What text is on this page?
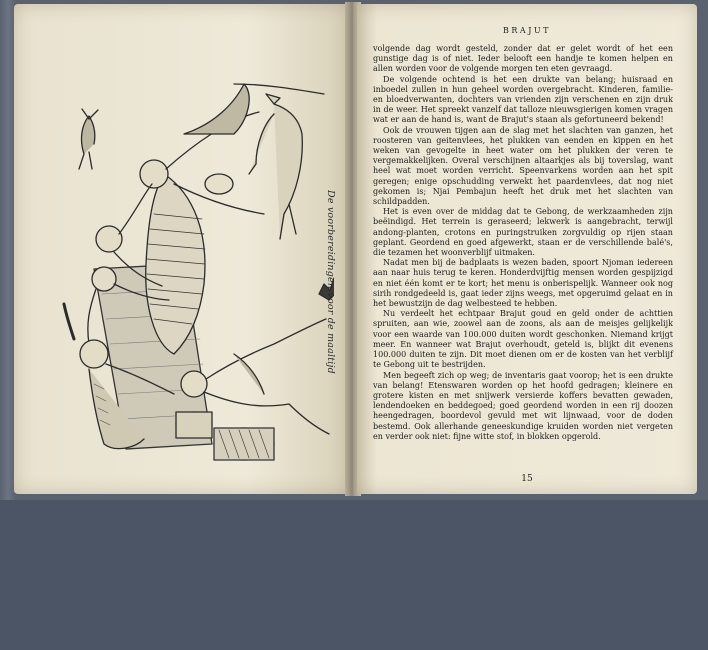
De voorbereidingen voor de maaltijd
BRAJUT

volgende dag wordt gesteld, zonder dat er gelet wordt of het een gunstige dag is of niet. Ieder belooft een handje te komen helpen en allen worden voor de volgende morgen ten eten gevraagd.

De volgende ochtend is het een drukte van belang; huisraad en inboedel zullen in hun geheel worden overgebracht. Kinderen, familie- en bloedverwanten, dochters van vrienden zijn verschenen en zijn druk in de weer. Het spreekt vanzelf dat talloze nieuwsgierigen komen vragen wat er aan de hand is, want de Brajut's staan als gefortuneerd bekend!

Ook de vrouwen tijgen aan de slag met het slachten van ganzen, het roosteren van geitenvlees, het plukken van eenden en kippen en het weken van gevogelte in heet water om het plukken der veren te vergemakkelijken. Overal verschijnen altaarkjes als bij toverslag, want heel wat moet worden verricht. Speenvarkens worden aan het spit geregen; enige opschudding verwekt het paardenvlees, dat nog niet gekomen is; Njai Pembajun heeft het druk met het slachten van schildpadden.

Het is even over de middag dat te Gebong, de werkzaamheden zijn beëindigd. Het terrein is geraseerd; lekwerk is aangebracht, terwijl andong-planten, crotons en puringstruiken zorgvuldig op rijen staan geplant. Geordend en goed afgewerkt, staan er de verschillende balé's, die tezamen het woonverblijf uitmaken.

Nadat men bij de badplaats is wezen baden, spoort Njoman iedereen aan naar huis terug te keren. Honderdvijftig mensen worden gespijzigd en niet één komt er te kort; het menu is onberispelijk. Wanneer ook nog sirih rondgedeeld is, gaat ieder zijns weegs, met opgeruimd gelaat en in het bewustzijn de dag welbesteed te hebben.

Nu verdeelt het echtpaar Brajut goud en geld onder de achttien spruiten, aan wie, zoowel aan de zoons, als aan de meisjes gelijkelijk voor een waarde van 100.000 duiten wordt geschonken. Niemand krijgt meer. En wanneer wat Brajut overhoudt, geteld is, blijkt dit evenens 100.000 duiten te zijn. Dit moet dienen om er de kosten van het verblijf te Gebong uit te bestrijden.

Men begeeft zich op weg; de inventaris gaat voorop; het is een drukte van belang! Etenswaren worden op het hoofd gedragen; kleinere en grotere kisten en met snijwerk versierde koffers bevatten gewaden, lendendoeken en beddegoed; goed geordend worden in een rij doozen heengedragen, boordevol gevuld met wit lijnwaad, voor de doden bestemd. Ook allerhande geneeskundige kruiden worden niet vergeten en verder ook niet: fijne witte stof, in blokken opgerold.

15
